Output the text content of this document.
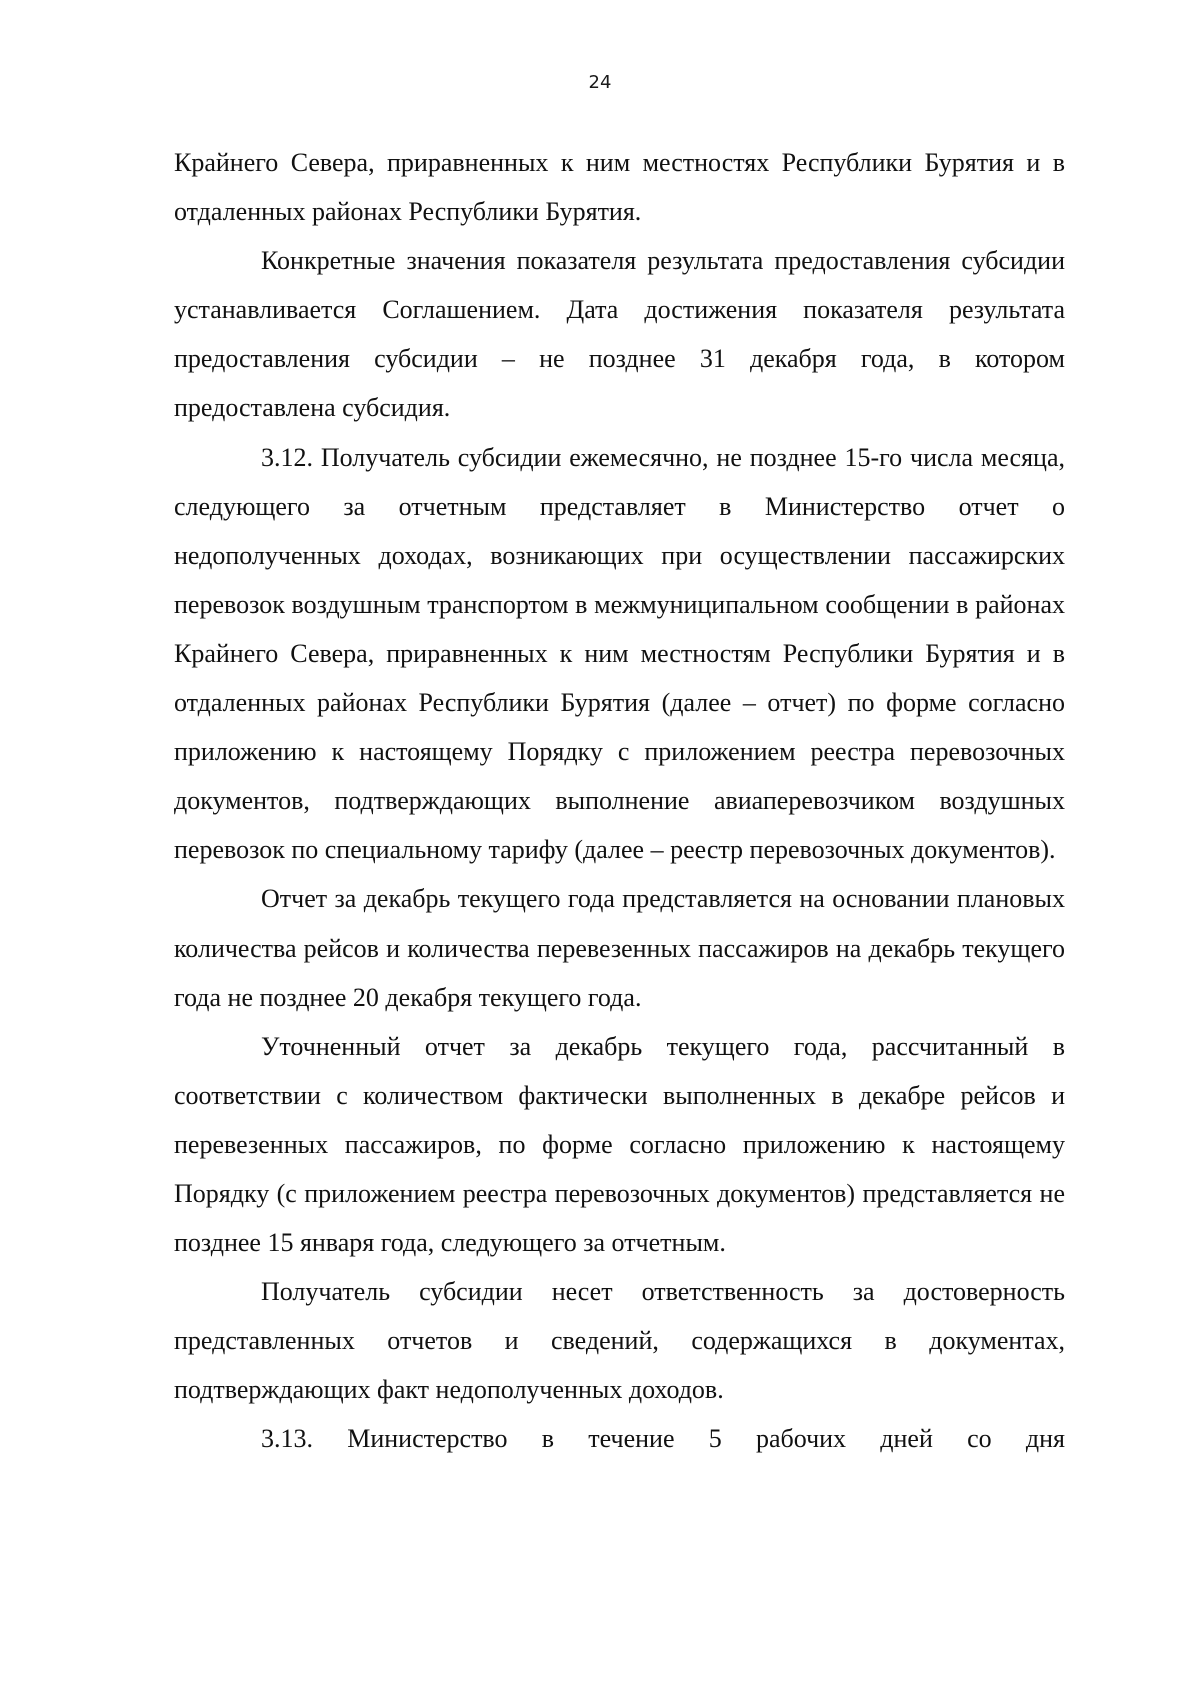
24

Крайнего Севера, приравненных к ним местностях Республики Бурятия и в отдаленных районах Республики Бурятия.

Конкретные значения показателя результата предоставления субсидии устанавливается Соглашением. Дата достижения показателя результата предоставления субсидии – не позднее 31 декабря года, в котором предоставлена субсидия.

3.12. Получатель субсидии ежемесячно, не позднее 15-го числа месяца, следующего за отчетным представляет в Министерство отчет о недополученных доходах, возникающих при осуществлении пассажирских перевозок воздушным транспортом в межмуниципальном сообщении в районах Крайнего Севера, приравненных к ним местностям Республики Бурятия и в отдаленных районах Республики Бурятия (далее – отчет) по форме согласно приложению к настоящему Порядку с приложением реестра перевозочных документов, подтверждающих выполнение авиаперевозчиком воздушных перевозок по специальному тарифу (далее – реестр перевозочных документов).

Отчет за декабрь текущего года представляется на основании плановых количества рейсов и количества перевезенных пассажиров на декабрь текущего года не позднее 20 декабря текущего года.

Уточненный отчет за декабрь текущего года, рассчитанный в соответствии с количеством фактически выполненных в декабре рейсов и перевезенных пассажиров, по форме согласно приложению к настоящему Порядку (с приложением реестра перевозочных документов) представляется не позднее 15 января года, следующего за отчетным.

Получатель субсидии несет ответственность за достоверность представленных отчетов и сведений, содержащихся в документах, подтверждающих факт недополученных доходов.

3.13. Министерство в течение 5 рабочих дней со дня
